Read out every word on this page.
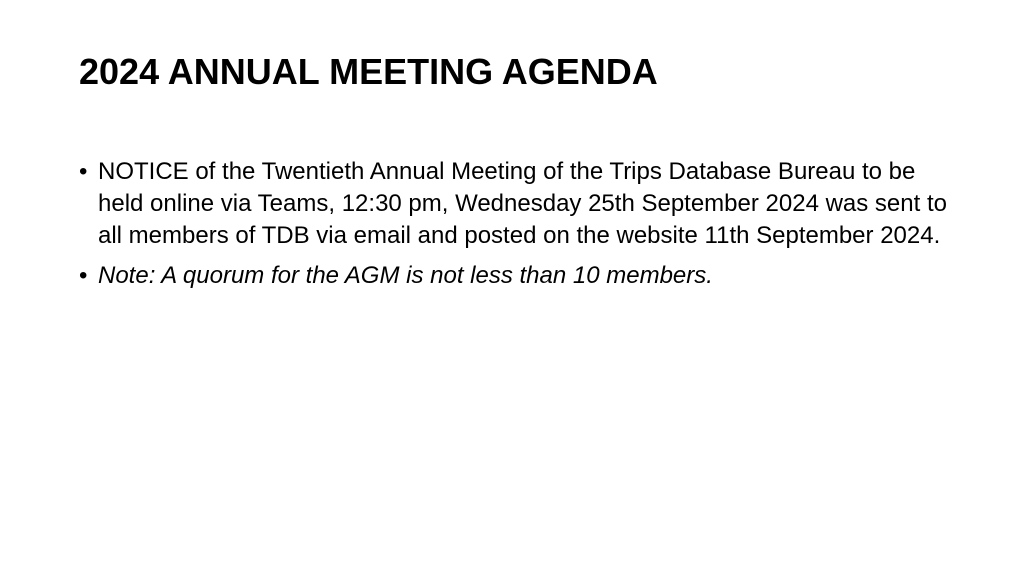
2024 ANNUAL MEETING AGENDA
• NOTICE of the Twentieth Annual Meeting of the Trips Database Bureau to be held online via Teams, 12:30 pm, Wednesday 25th September 2024 was sent to all members of TDB via email and posted on the website 11th September 2024.
• Note: A quorum for the AGM is not less than 10 members.
